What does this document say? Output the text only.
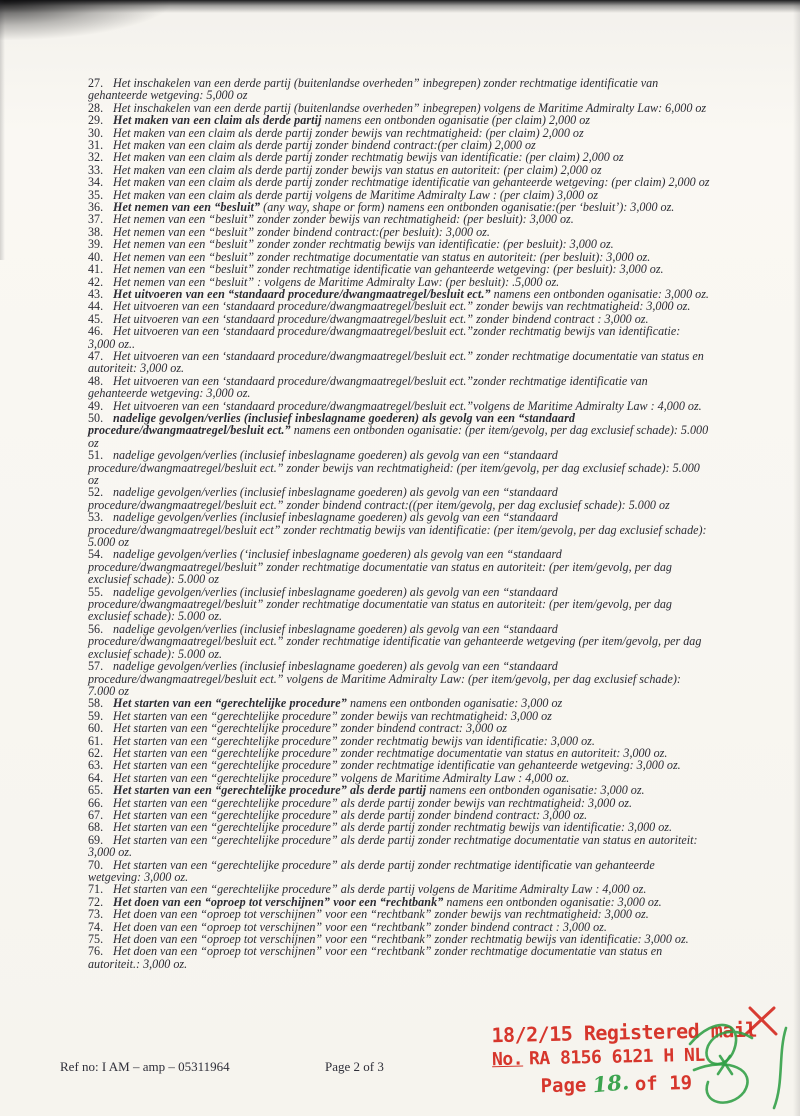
27. Het inschakelen van een derde partij (buitenlandse overheden” inbegrepen) zonder rechtmatige identificatie van gehanteerde wetgeving: 5,000 oz
28. Het inschakelen van een derde partij (buitenlandse overheden” inbegrepen) volgens de Maritime Admiralty Law: 6,000 oz
29. Het maken van een claim als derde partij namens een ontbonden oganisatie (per claim) 2,000 oz
30. Het maken van een claim als derde partij zonder bewijs van rechtmatigheid: (per claim) 2,000 oz
31. Het maken van een claim als derde partij zonder bindend contract:(per claim) 2,000 oz
32. Het maken van een claim als derde partij zonder rechtmatig bewijs van identificatie: (per claim) 2,000 oz
33. Het maken van een claim als derde partij zonder bewijs van status en autoriteit: (per claim) 2,000 oz
34. Het maken van een claim als derde partij zonder rechtmatige identificatie van gehanteerde wetgeving: (per claim) 2,000 oz
35. Het maken van een claim als derde partij volgens de Maritime Admiralty Law : (per claim) 3,000 oz
36. Het nemen van een “besluit” (any way, shape or form) namens een ontbonden oganisatie:(per ‘besluit’): 3,000 oz.
37. Het nemen van een “besluit” zonder zonder bewijs van rechtmatigheid: (per besluit): 3,000 oz.
38. Het nemen van een “besluit” zonder bindend contract:(per besluit): 3,000 oz.
39. Het nemen van een “besluit” zonder zonder rechtmatig bewijs van identificatie: (per besluit): 3,000 oz.
40. Het nemen van een “besluit” zonder rechtmatige documentatie van status en autoriteit: (per besluit): 3,000 oz.
41. Het nemen van een “besluit” zonder rechtmatige identificatie van gehanteerde wetgeving: (per besluit): 3,000 oz.
42. Het nemen van een “besluit” : volgens de Maritime Admiralty Law: (per besluit): .5,000 oz.
43. Het uitvoeren van een “standaard procedure/dwangmaatregel/besluit ect.” namens een ontbonden oganisatie: 3,000 oz.
44. Het uitvoeren van een ‘standaard procedure/dwangmaatregel/besluit ect.” zonder bewijs van rechtmatigheid: 3,000 oz.
45. Het uitvoeren van een ‘standaard procedure/dwangmaatregel/besluit ect.” zonder bindend contract : 3,000 oz.
46. Het uitvoeren van een ‘standaard procedure/dwangmaatregel/besluit ect.”zonder rechtmatig bewijs van identificatie: 3,000 oz..
47. Het uitvoeren van een ‘standaard procedure/dwangmaatregel/besluit ect.” zonder rechtmatige documentatie van status en autoriteit: 3,000 oz.
48. Het uitvoeren van een ‘standaard procedure/dwangmaatregel/besluit ect.”zonder rechtmatige identificatie van gehanteerde wetgeving: 3,000 oz.
49. Het uitvoeren van een ‘standaard procedure/dwangmaatregel/besluit ect.”volgens de Maritime Admiralty Law : 4,000 oz.
50. nadelige gevolgen/verlies (inclusief inbeslagname goederen) als gevolg van een “standaard procedure/dwangmaatregel/besluit ect.” namens een ontbonden oganisatie: (per item/gevolg, per dag exclusief schade): 5.000 oz
51. nadelige gevolgen/verlies (inclusief inbeslagname goederen) als gevolg van een “standaard procedure/dwangmaatregel/besluit ect.” zonder bewijs van rechtmatigheid: (per item/gevolg, per dag exclusief schade): 5.000 oz
52. nadelige gevolgen/verlies (inclusief inbeslagname goederen) als gevolg van een “standaard procedure/dwangmaatregel/besluit ect.” zonder bindend contract:((per item/gevolg, per dag exclusief schade): 5.000 oz
53. nadelige gevolgen/verlies (inclusief inbeslagname goederen) als gevolg van een “standaard procedure/dwangmaatregel/besluit ect” zonder rechtmatig bewijs van identificatie: (per item/gevolg, per dag exclusief schade): 5.000 oz
54. nadelige gevolgen/verlies (‘inclusief inbeslagname goederen) als gevolg van een “standaard procedure/dwangmaatregel/besluit” zonder rechtmatige documentatie van status en autoriteit: (per item/gevolg, per dag exclusief schade): 5.000 oz
55. nadelige gevolgen/verlies (inclusief inbeslagname goederen) als gevolg van een “standaard procedure/dwangmaatregel/besluit” zonder rechtmatige documentatie van status en autoriteit: (per item/gevolg, per dag exclusief schade): 5.000 oz.
56. nadelige gevolgen/verlies (inclusief inbeslagname goederen) als gevolg van een “standaard procedure/dwangmaatregel/besluit ect.” zonder rechtmatige identificatie van gehanteerde wetgeving (per item/gevolg, per dag exclusief schade): 5.000 oz.
57. nadelige gevolgen/verlies (inclusief inbeslagname goederen) als gevolg van een “standaard procedure/dwangmaatregel/besluit ect.” volgens de Maritime Admiralty Law: (per item/gevolg, per dag exclusief schade): 7.000 oz
58. Het starten van een “gerechtelijke procedure” namens een ontbonden oganisatie: 3,000 oz
59. Het starten van een “gerechtelijke procedure” zonder bewijs van rechtmatigheid: 3,000 oz
60. Het starten van een “gerechtelijke procedure” zonder bindend contract: 3,000 oz
61. Het starten van een “gerechtelijke procedure” zonder rechtmatig bewijs van identificatie: 3,000 oz.
62. Het starten van een “gerechtelijke procedure” zonder rechtmatige documentatie van status en autoriteit: 3,000 oz.
63. Het starten van een “gerechtelijke procedure” zonder rechtmatige identificatie van gehanteerde wetgeving: 3,000 oz.
64. Het starten van een “gerechtelijke procedure” volgens de Maritime Admiralty Law : 4,000 oz.
65. Het starten van een “gerechtelijke procedure” als derde partij namens een ontbonden oganisatie: 3,000 oz.
66. Het starten van een “gerechtelijke procedure” als derde partij zonder bewijs van rechtmatigheid: 3,000 oz.
67. Het starten van een “gerechtelijke procedure” als derde partij zonder bindend contract: 3,000 oz.
68. Het starten van een “gerechtelijke procedure” als derde partij zonder rechtmatig bewijs van identificatie: 3,000 oz.
69. Het starten van een “gerechtelijke procedure” als derde partij zonder rechtmatige documentatie van status en autoriteit: 3,000 oz.
70. Het starten van een “gerechtelijke procedure” als derde partij zonder rechtmatige identificatie van gehanteerde wetgeving: 3,000 oz.
71. Het starten van een “gerechtelijke procedure” als derde partij volgens de Maritime Admiralty Law : 4,000 oz.
72. Het doen van een “oproep tot verschijnen” voor een “rechtbank” namens een ontbonden oganisatie: 3,000 oz.
73. Het doen van een “oproep tot verschijnen” voor een “rechtbank” zonder bewijs van rechtmatigheid: 3,000 oz.
74. Het doen van een “oproep tot verschijnen” voor een “rechtbank” zonder bindend contract : 3,000 oz.
75. Het doen van een “oproep tot verschijnen” voor een “rechtbank” zonder rechtmatig bewijs van identificatie: 3,000 oz.
76. Het doen van een “oproep tot verschijnen” voor een “rechtbank” zonder rechtmatige documentatie van status en autoriteit.: 3,000 oz.
Ref no: I AM – amp – 05311964	Page 2 of 3
18/2/15 Registered mail
No. RA 8156 6121 H NL
Page 18. of 19
